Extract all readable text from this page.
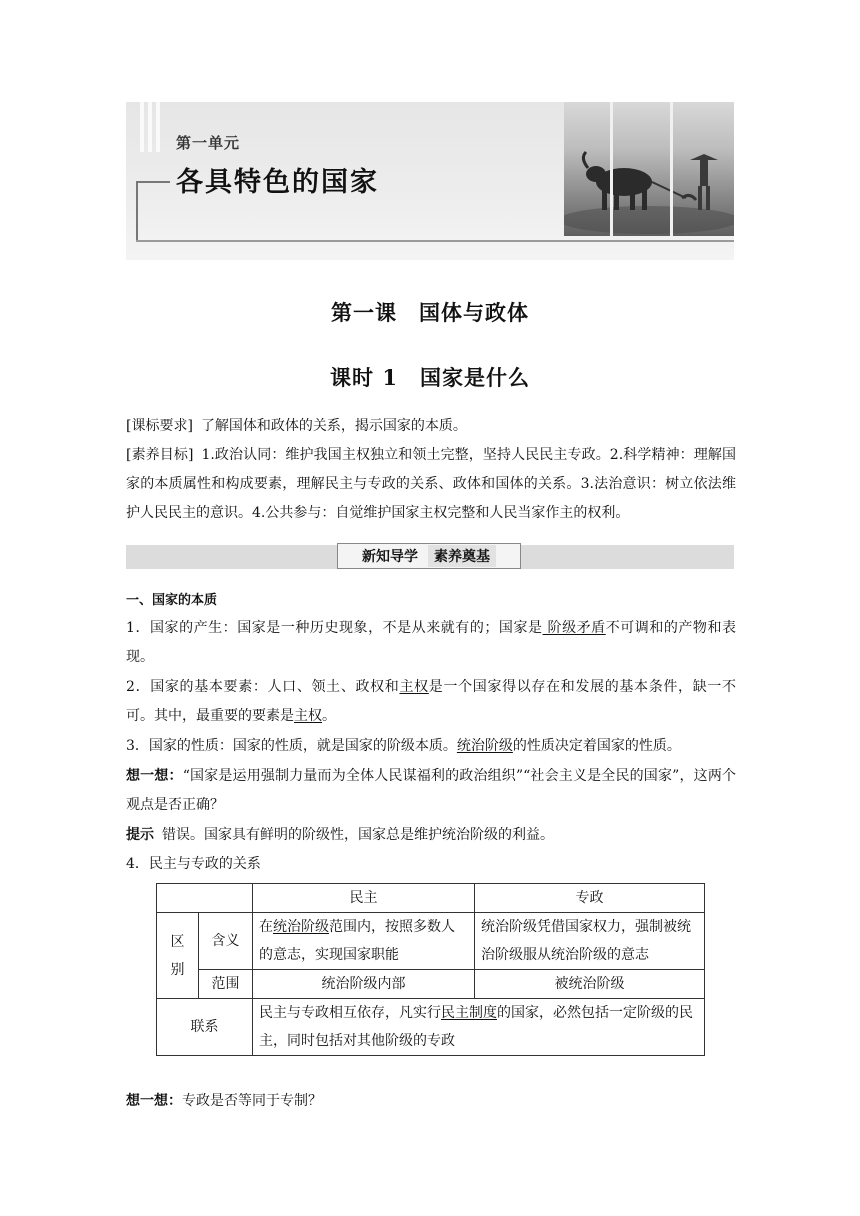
第一单元
各具特色的国家
第一课　国体与政体
课时 1　国家是什么
[课标要求] 了解国体和政体的关系，揭示国家的本质。
[素养目标] 1.政治认同：维护我国主权独立和领土完整，坚持人民民主专政。2.科学精神：理解国家的本质属性和构成要素，理解民主与专政的关系、政体和国体的关系。3.法治意识：树立依法维护人民民主的意识。4.公共参与：自觉维护国家主权完整和人民当家作主的权利。
新知导学	素养奠基
一、国家的本质
1．国家的产生：国家是一种历史现象，不是从来就有的；国家是 阶级矛盾不可调和的产物和表现。
2．国家的基本要素：人口、领土、政权和主权是一个国家得以存在和发展的基本条件，缺一不可。其中，最重要的要素是主权。
3．国家的性质：国家的性质，就是国家的阶级本质。统治阶级的性质决定着国家的性质。
想一想：“国家是运用强制力量而为全体人民谋福利的政治组织”“社会主义是全民的国家”，这两个观点是否正确？
提示 错误。国家具有鲜明的阶级性，国家总是维护统治阶级的利益。
4．民主与专政的关系
		民主	专政
区别	含义	在统治阶级范围内，按照多数人的意志，实现国家职能	统治阶级凭借国家权力，强制被统治阶级服从统治阶级的意志
	范围	统治阶级内部	被统治阶级
联系		民主与专政相互依存，凡实行民主制度的国家，必然包括一定阶级的民主，同时包括对其他阶级的专政	
想一想：专政是否等同于专制？
